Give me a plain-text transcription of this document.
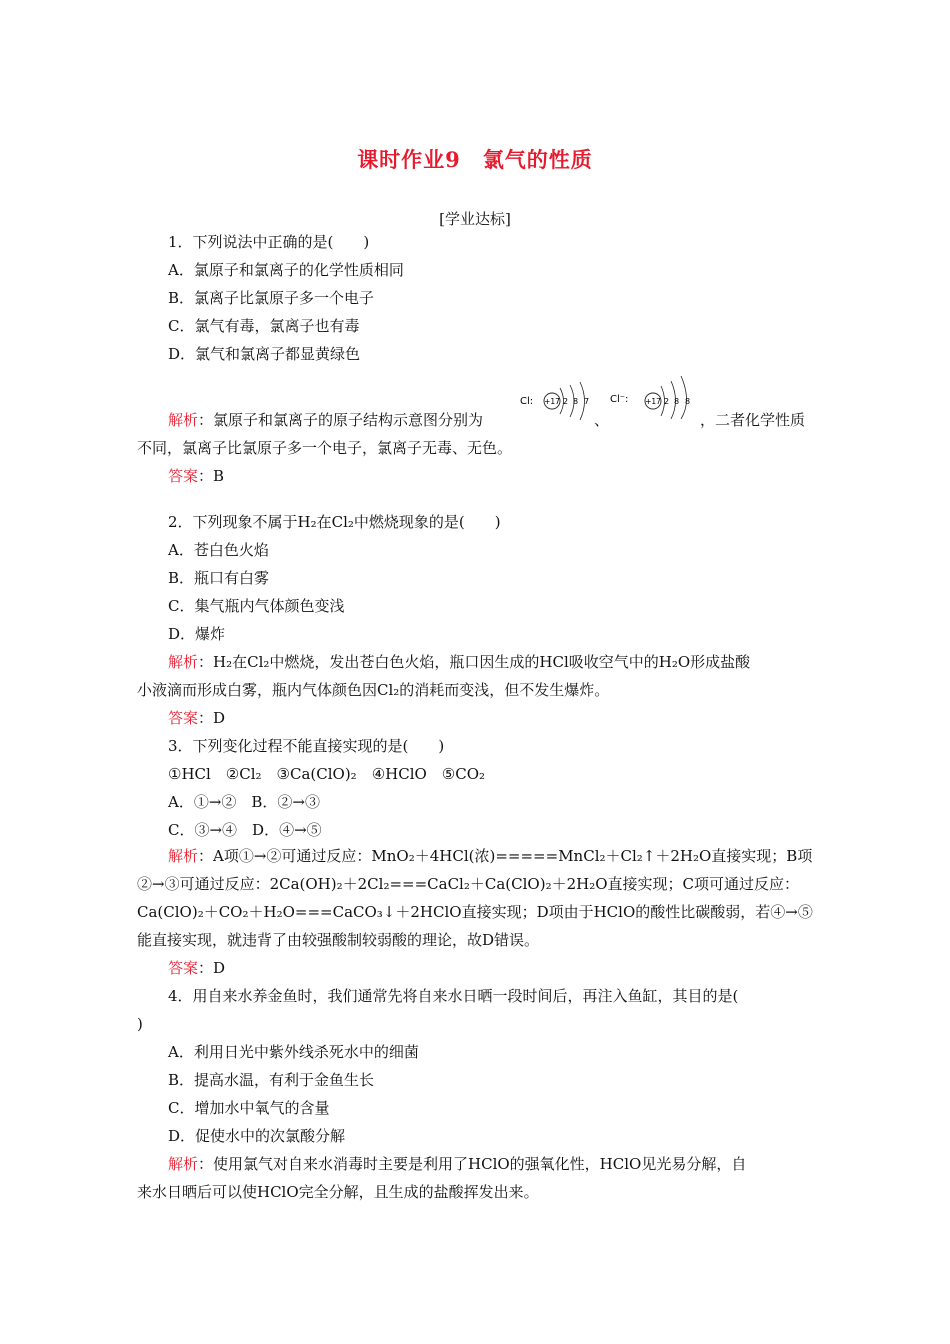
课时作业9 氯气的性质
[学业达标]
1．下列说法中正确的是(　　)
A．氯原子和氯离子的化学性质相同
B．氯离子比氯原子多一个电子
C．氯气有毒，氯离子也有毒
D．氯气和氯离子都显黄绿色
Cl: +17 2 8 7 Cl⁻: +17 2 8 8
解析：氯原子和氯离子的原子结构示意图分别为	、	，二者化学性质
不同，氯离子比氯原子多一个电子，氯离子无毒、无色。
答案：B
2．下列现象不属于H₂在Cl₂中燃烧现象的是(　　)
A．苍白色火焰
B．瓶口有白雾
C．集气瓶内气体颜色变浅
D．爆炸
解析：H₂在Cl₂中燃烧，发出苍白色火焰，瓶口因生成的HCl吸收空气中的H₂O形成盐酸
小液滴而形成白雾，瓶内气体颜色因Cl₂的消耗而变浅，但不发生爆炸。
答案：D
3．下列变化过程不能直接实现的是(　　)
①HCl　②Cl₂　③Ca(ClO)₂　④HClO　⑤CO₂
A．①→②　B．②→③
C．③→④　D．④→⑤
解析：A项①→②可通过反应：MnO₂＋4HCl(浓)=====MnCl₂＋Cl₂↑＋2H₂O直接实现；B项
②→③可通过反应：2Ca(OH)₂＋2Cl₂===CaCl₂＋Ca(ClO)₂＋2H₂O直接实现；C项可通过反应：
Ca(ClO)₂＋CO₂＋H₂O===CaCO₃↓＋2HClO直接实现；D项由于HClO的酸性比碳酸弱，若④→⑤
能直接实现，就违背了由较强酸制较弱酸的理论，故D错误。
答案：D
4．用自来水养金鱼时，我们通常先将自来水日晒一段时间后，再注入鱼缸，其目的是(
)
A．利用日光中紫外线杀死水中的细菌
B．提高水温，有利于金鱼生长
C．增加水中氧气的含量
D．促使水中的次氯酸分解
解析：使用氯气对自来水消毒时主要是利用了HClO的强氧化性，HClO见光易分解，自
来水日晒后可以使HClO完全分解，且生成的盐酸挥发出来。
